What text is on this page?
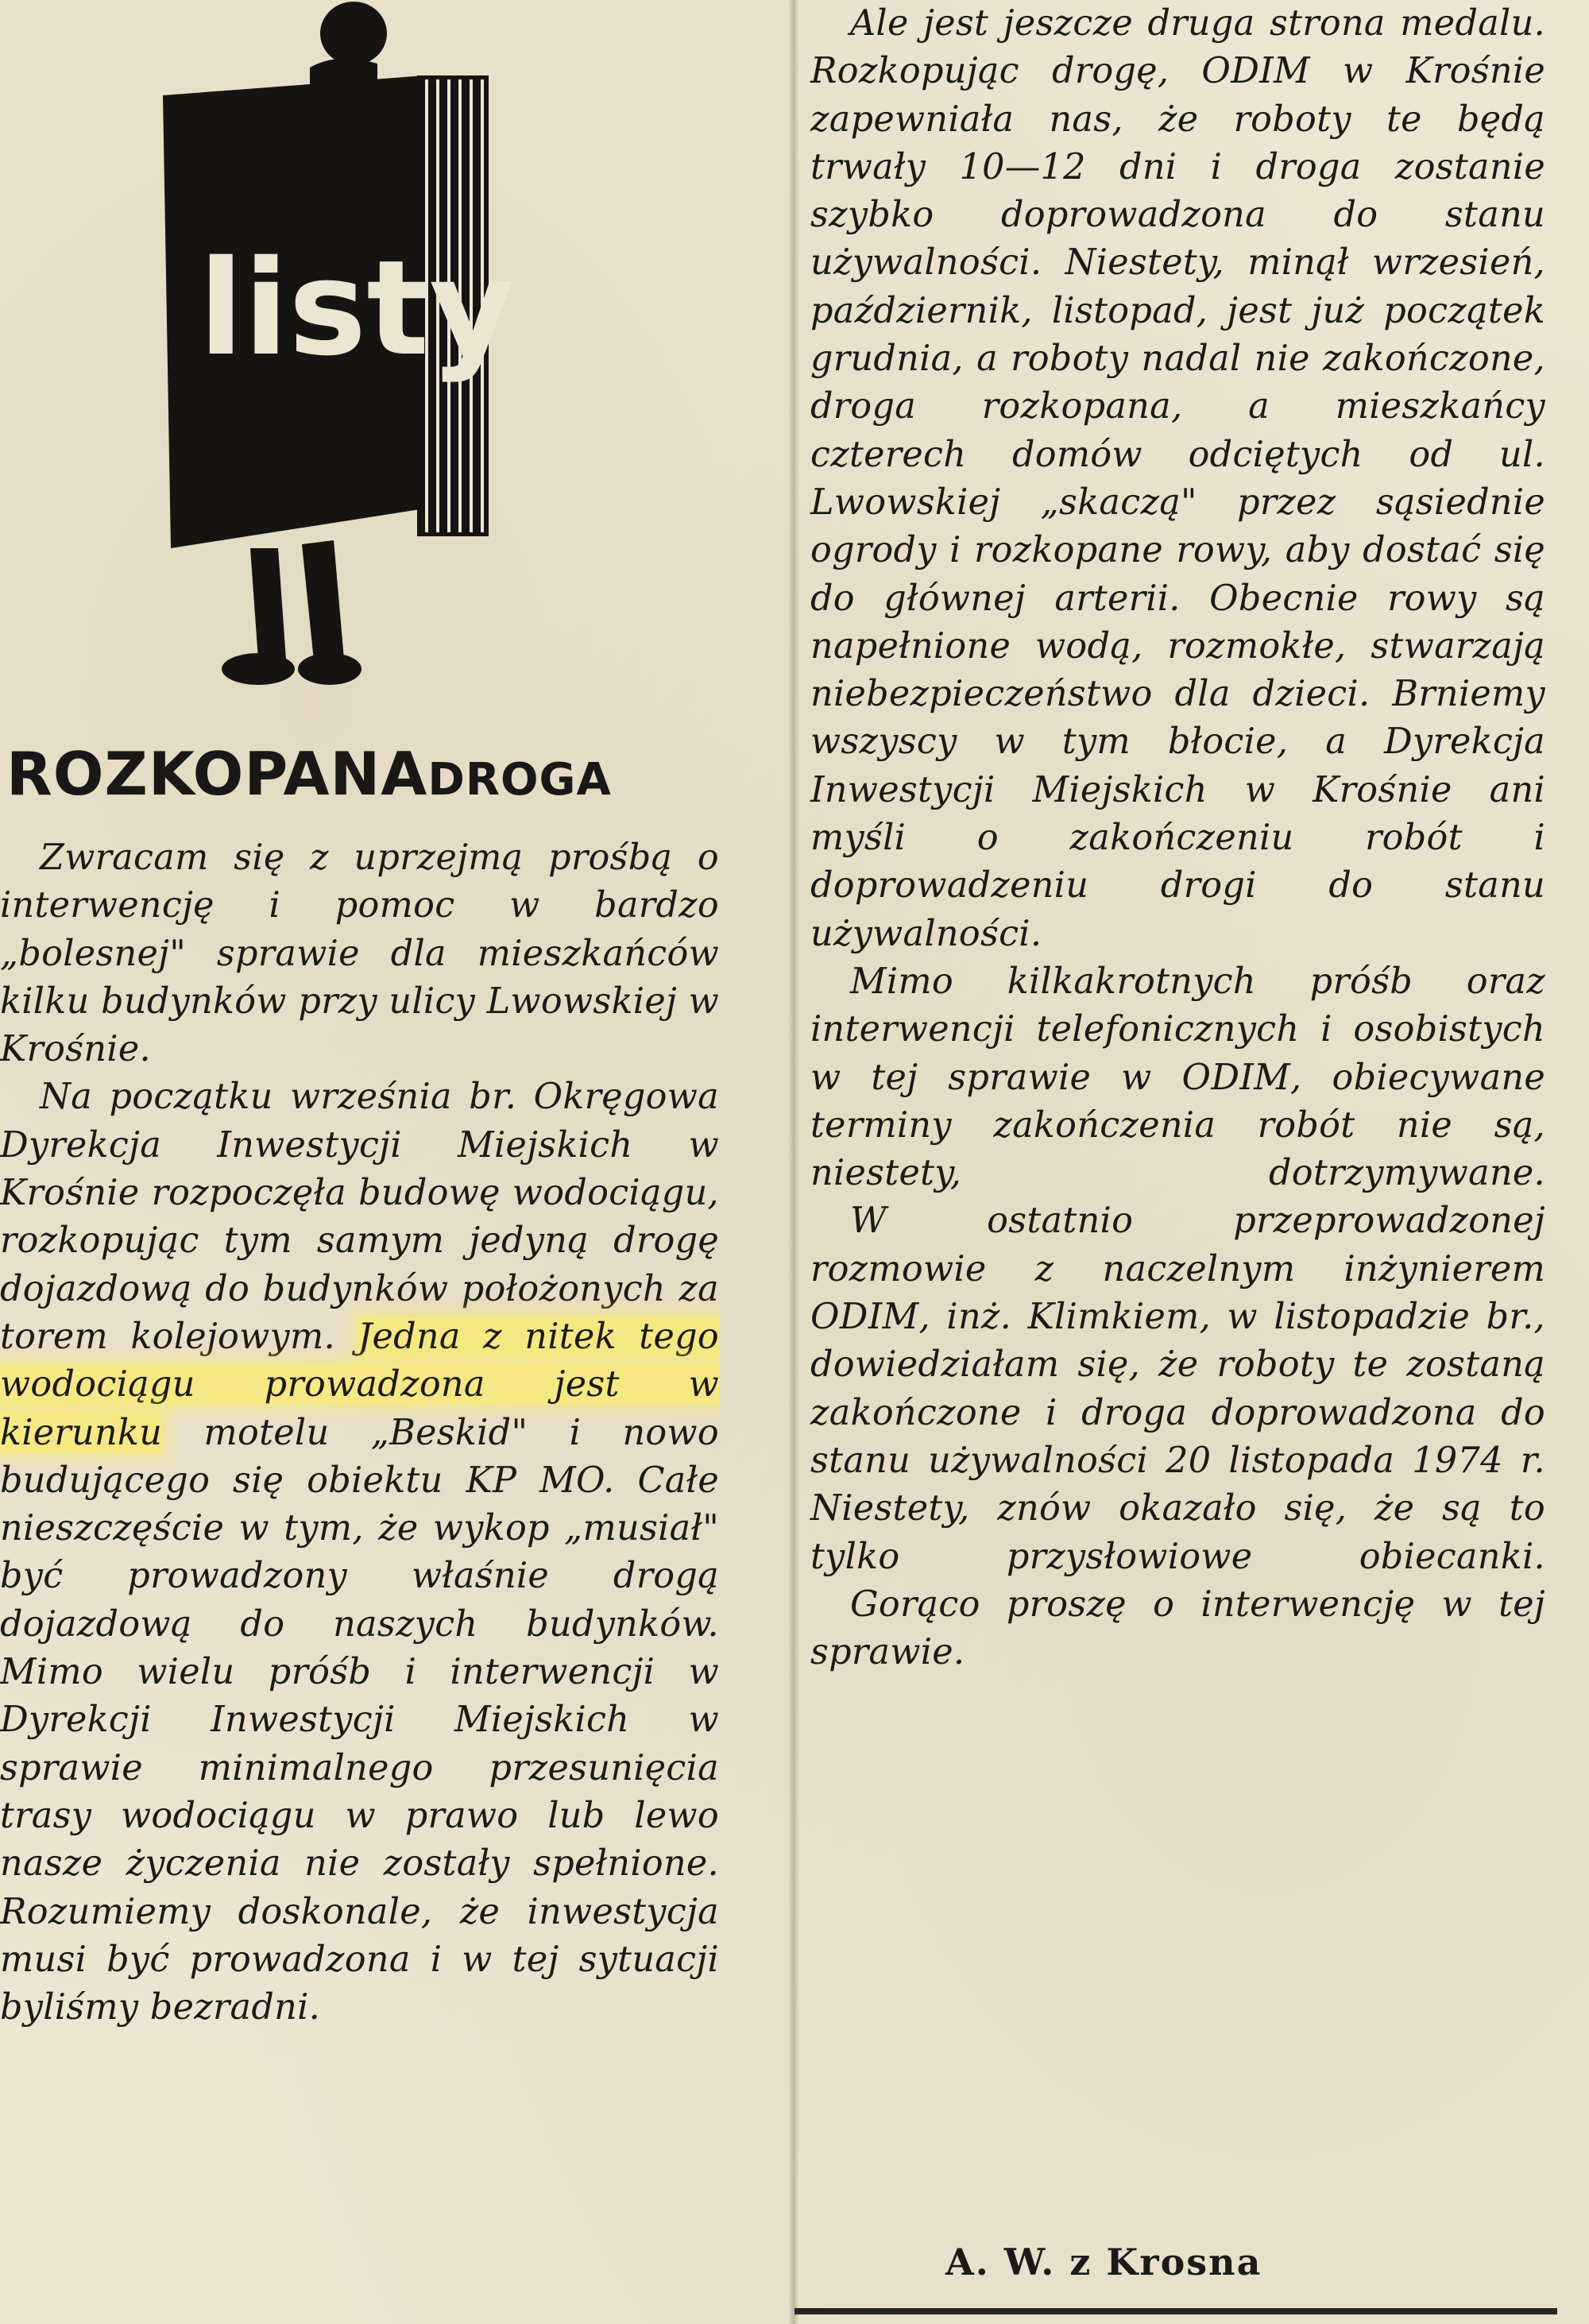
listy
ROZKOPANADROGA

Zwracam się z uprzejmą prośbą o interwencję i pomoc w bardzo „bolesnej" sprawie dla mieszkańców kilku budynków przy ulicy Lwowskiej w Krośnie.

Na początku września br. Okręgowa Dyrekcja Inwestycji Miejskich w Krośnie rozpoczęła budowę wodociągu, rozkopując tym samym jedyną drogę dojazdową do budynków położonych za torem kolejowym. Jedna z nitek tego wodociągu prowadzona jest w kierunku motelu „Beskid" i nowo budującego się obiektu KP MO. Całe nieszczęście w tym, że wykop „musiał" być prowadzony właśnie drogą dojazdową do naszych budynków. Mimo wielu próśb i interwencji w Dyrekcji Inwestycji Miejskich w sprawie minimalnego przesunięcia trasy wodociągu w prawo lub lewo nasze życzenia nie zostały spełnione. Rozumiemy doskonale, że inwestycja musi być prowadzona i w tej sytuacji byliśmy bezradni.

Ale jest jeszcze druga strona medalu. Rozkopując drogę, ODIM w Krośnie zapewniała nas, że roboty te będą trwały 10—12 dni i droga zostanie szybko doprowadzona do stanu używalności. Niestety, minął wrzesień, październik, listopad, jest już początek grudnia, a roboty nadal nie zakończone, droga rozkopana, a mieszkańcy czterech domów odciętych od ul. Lwowskiej „skaczą" przez sąsiednie ogrody i rozkopane rowy, aby dostać się do głównej arterii. Obecnie rowy są napełnione wodą, rozmokłe, stwarzają niebezpieczeństwo dla dzieci. Brniemy wszyscy w tym błocie, a Dyrekcja Inwestycji Miejskich w Krośnie ani myśli o zakończeniu robót i doprowadzeniu drogi do stanu używalności.

Mimo kilkakrotnych próśb oraz interwencji telefonicznych i osobistych w tej sprawie w ODIM, obiecywane terminy zakończenia robót nie są, niestety, dotrzymywane.

W ostatnio przeprowadzonej rozmowie z naczelnym inżynierem ODIM, inż. Klimkiem, w listopadzie br., dowiedziałam się, że roboty te zostaną zakończone i droga doprowadzona do stanu używalności 20 listopada 1974 r. Niestety, znów okazało się, że są to tylko przysłowiowe obiecanki.

Gorąco proszę o interwencję w tej sprawie.

A. W. z Krosna
